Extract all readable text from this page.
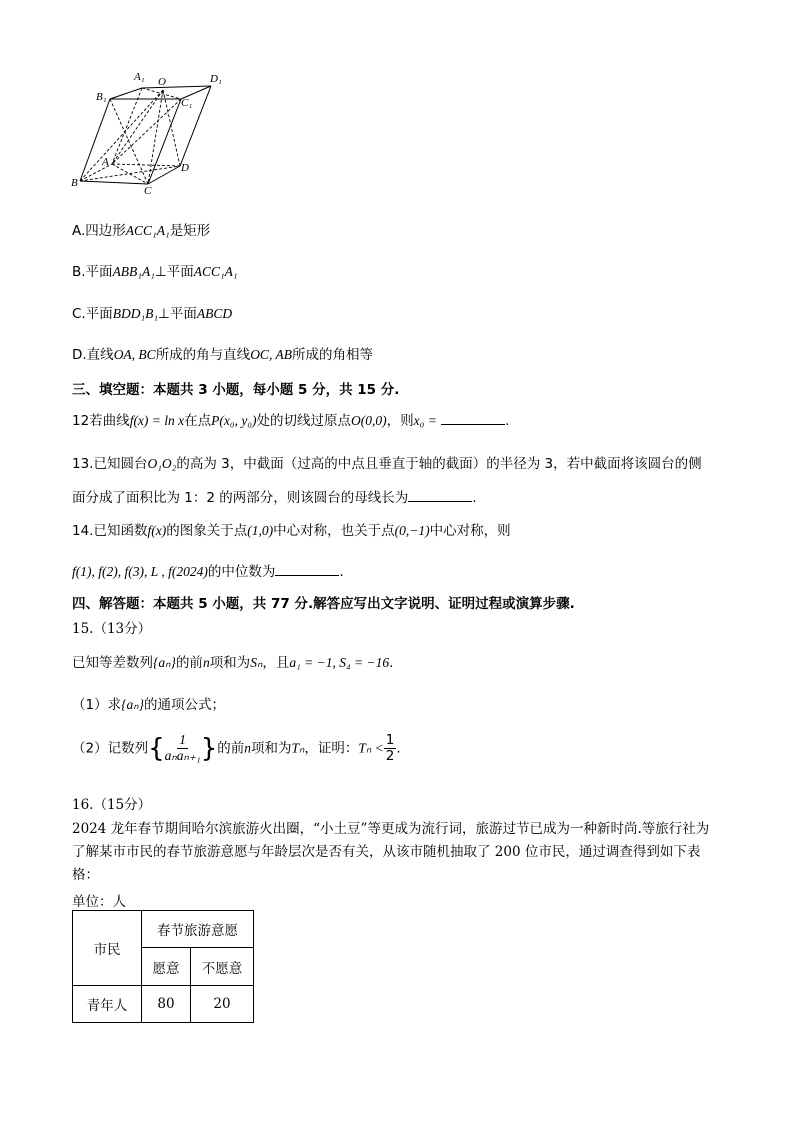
A₁ O	D₁
B₁	C₁
A	D
B
C
A.四边形ACC₁A₁是矩形
B.平面ABB₁A₁⊥平面ACC₁A₁
C.平面BDD₁B₁⊥平面ABCD
D.直线OA, BC所成的角与直线OC, AB所成的角相等
三、填空题：本题共 3 小题，每小题 5 分，共 15 分.
12若曲线f(x) = ln x在点P(x₀, y₀)处的切线过原点O(0,0)，则x₀ =	.
13.已知圆台O₁O₂的高为 3，中截面（过高的中点且垂直于轴的截面）的半径为 3，若中截面将该圆台的侧
面分成了面积比为 1：2 的两部分，则该圆台的母线长为	.
14.已知函数f(x)的图象关于点(1,0)中心对称，也关于点(0,−1)中心对称，则
f(1), f(2), f(3), L , f(2024)的中位数为	.
四、解答题：本题共 5 小题，共 77 分.解答应写出文字说明、证明过程或演算步骤.
15.（13分）
已知等差数列{aₙ}的前n项和为Sₙ，且a₁ = −1, S₄ = −16.
（1）求{aₙ}的通项公式；
（2）记数列{ $\frac{1}{\text{aₙaₙ₊₁}}$ }的前n项和为Tₙ，证明：$T_n < \frac{1}{2}$ .
16.（15分）
2024 龙年春节期间哈尔滨旅游火出圈，“小土豆”等更成为流行词，旅游过节已成为一种新时尚.等旅行社为
了解某市市民的春节旅游意愿与年龄层次是否有关，从该市随机抽取了 200 位市民，通过调查得到如下表
格：
单位：人
市民	春节旅游意愿	
	愿意	不愿意
青年人	80	20
